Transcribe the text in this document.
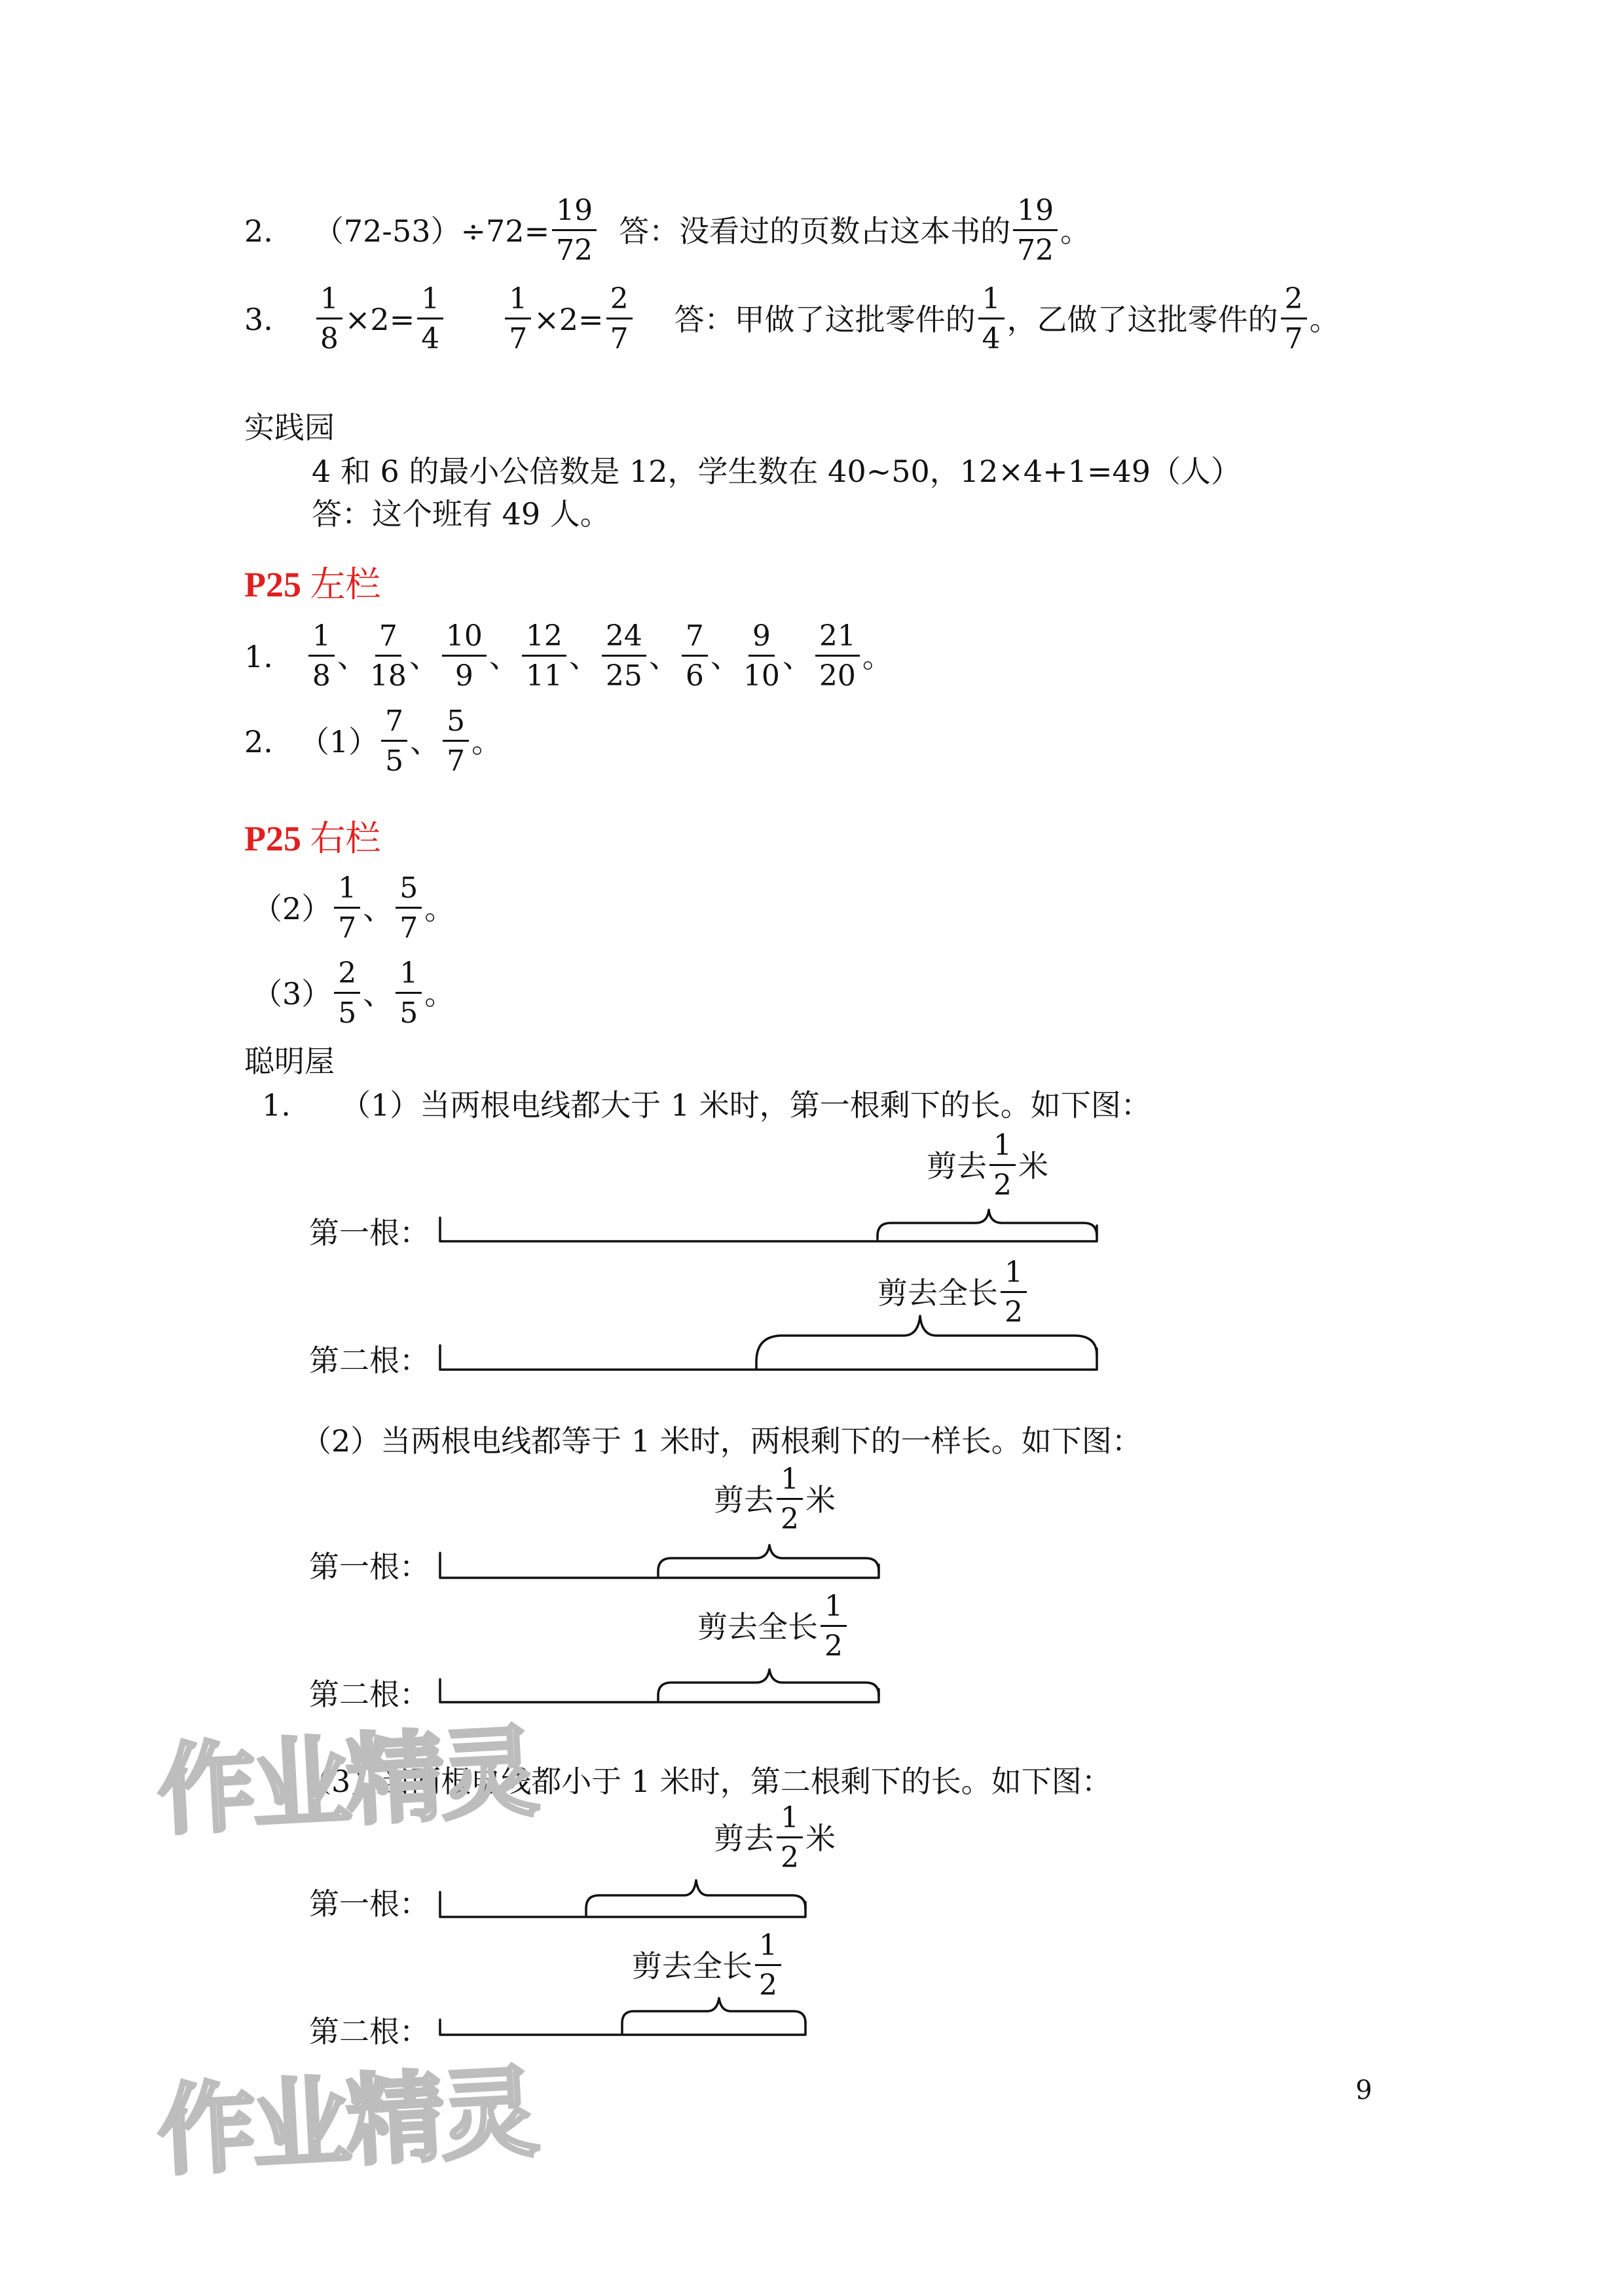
2. $(72-53)\div 72= \frac{19}{72}$ 答：没看过的页数占这本书的 $\frac{19}{72}$ 。
3. $\frac{1}{8} \times 2= \frac{1}{4} \frac{1}{7} \times 2= \frac{2}{7}$ 答：甲做了这批零件的 $\frac{1}{4}$ ，乙做了这批零件的 $\frac{2}{7}$ 。
实践园
4 和 6 的最小公倍数是 12，学生数在 40~50，12×4+1=49（人）
答：这个班有 49 人。
P25 左栏
1. $\frac{1}{8}$ 、 $\frac{7}{18}$ 、 $\frac{10}{9}$ 、 $\frac{12}{11}$ 、 $\frac{24}{25}$ 、 $\frac{7}{6}$ 、 $\frac{9}{10}$ 、 $\frac{21}{20}$ 。
2. $(1) \frac{7}{5}$ 、 $\frac{5}{7}$ 。
P25 右栏
$(2) \frac{1}{7}$ 、 $\frac{5}{7}$ 。
$(3) \frac{2}{5}$ 、 $\frac{1}{5}$ 。
聪明屋
1. （1）当两根电线都大于 1 米时，第一根剩下的长。如下图：
（2）当两根电线都等于 1 米时，两根剩下的一样长。如下图：
（3）当两根电线都小于 1 米时，第二根剩下的长。如下图：
第一根：
第二根：
第一根：
第二根：
第一根：
第二根：
剪去 $\frac{1}{2}$ 米
剪去全长 $\frac{1}{2}$
剪去 $\frac{1}{2}$ 米
剪去全长 $\frac{1}{2}$
剪去 $\frac{1}{2}$ 米
剪去全长 $\frac{1}{2}$
作业精灵
作业精灵	9
